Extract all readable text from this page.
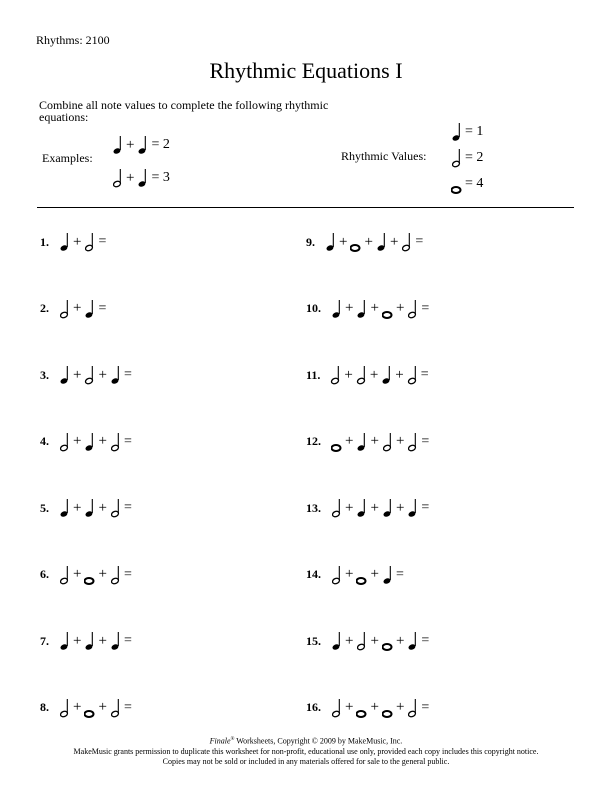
Rhythms: 2100
Rhythmic Equations I
Combine all note values to complete the following rhythmic equations:
Examples:
+ = 2
+ = 3
Rhythmic Values:
= 1
= 2
= 4
1. + =
2. + =
3. + + =
4. + + =
5. + + =
6. + + =
7. + + =
8. + + =
9. + + + =
10. + + + =
11. + + + =
12. + + + =
13. + + + =
14. + + =
15. + + + =
16. + + + =
Finale® Worksheets, Copyright © 2009 by MakeMusic, Inc.
MakeMusic grants permission to duplicate this worksheet for non-profit, educational use only, provided each copy includes this copyright notice.
Copies may not be sold or included in any materials offered for sale to the general public.
